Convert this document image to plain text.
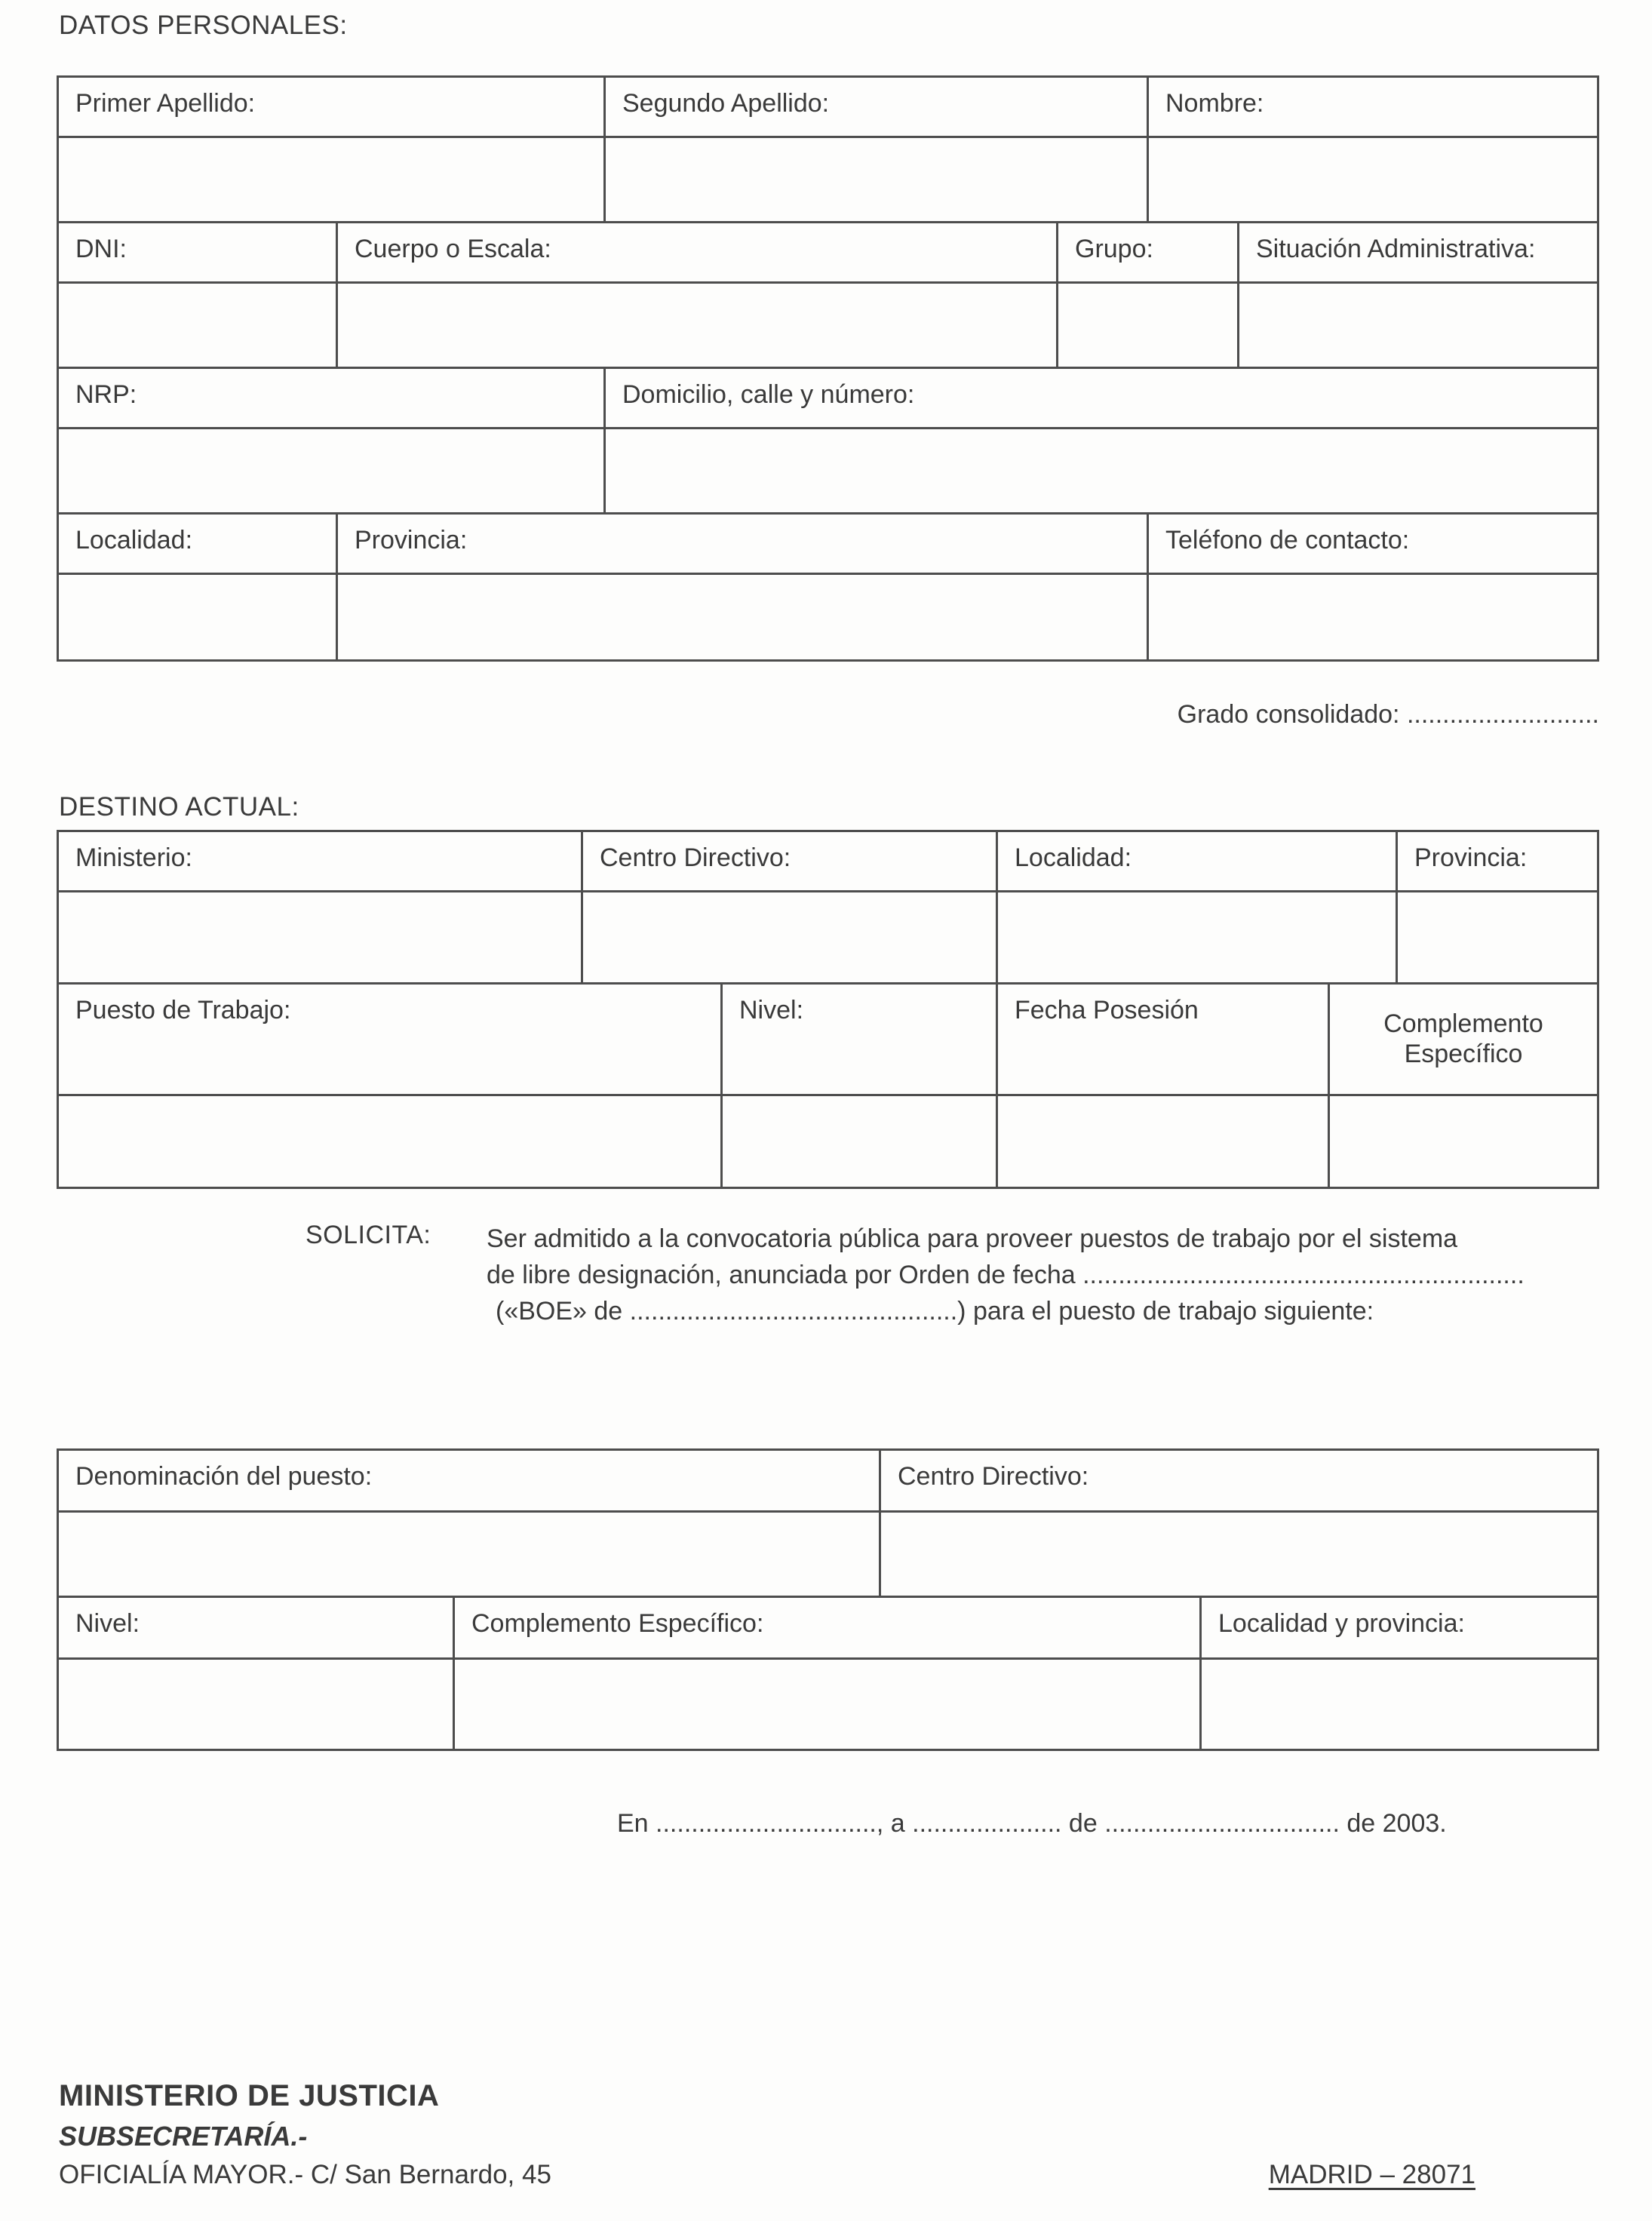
DATOS PERSONALES:
Primer Apellido:	Segundo Apellido:	Nombre:
DNI:	Cuerpo o Escala:	Grupo:	Situación Administrativa:
NRP:	Domicilio, calle y número:
Localidad:	Provincia:	Teléfono de contacto:
Grado consolidado: ...........................
DESTINO ACTUAL:
Ministerio:	Centro Directivo:	Localidad:	Provincia:
Puesto de Trabajo:	Nivel:	Fecha Posesión	Complemento Específico
SOLICITA:	Ser admitido a la convocatoria pública para proveer puestos de trabajo por el sistema
de libre designación, anunciada por Orden de fecha ..............................................................
(«BOE» de ..............................................) para el puesto de trabajo siguiente:
Denominación del puesto:	Centro Directivo:
Nivel:	Complemento Específico:	Localidad y provincia:
En ..............................., a ..................... de ................................. de 2003.
MINISTERIO DE JUSTICIA
SUBSECRETARÍA.-
OFICIALÍA MAYOR.- C/ San Bernardo, 45	MADRID – 28071
